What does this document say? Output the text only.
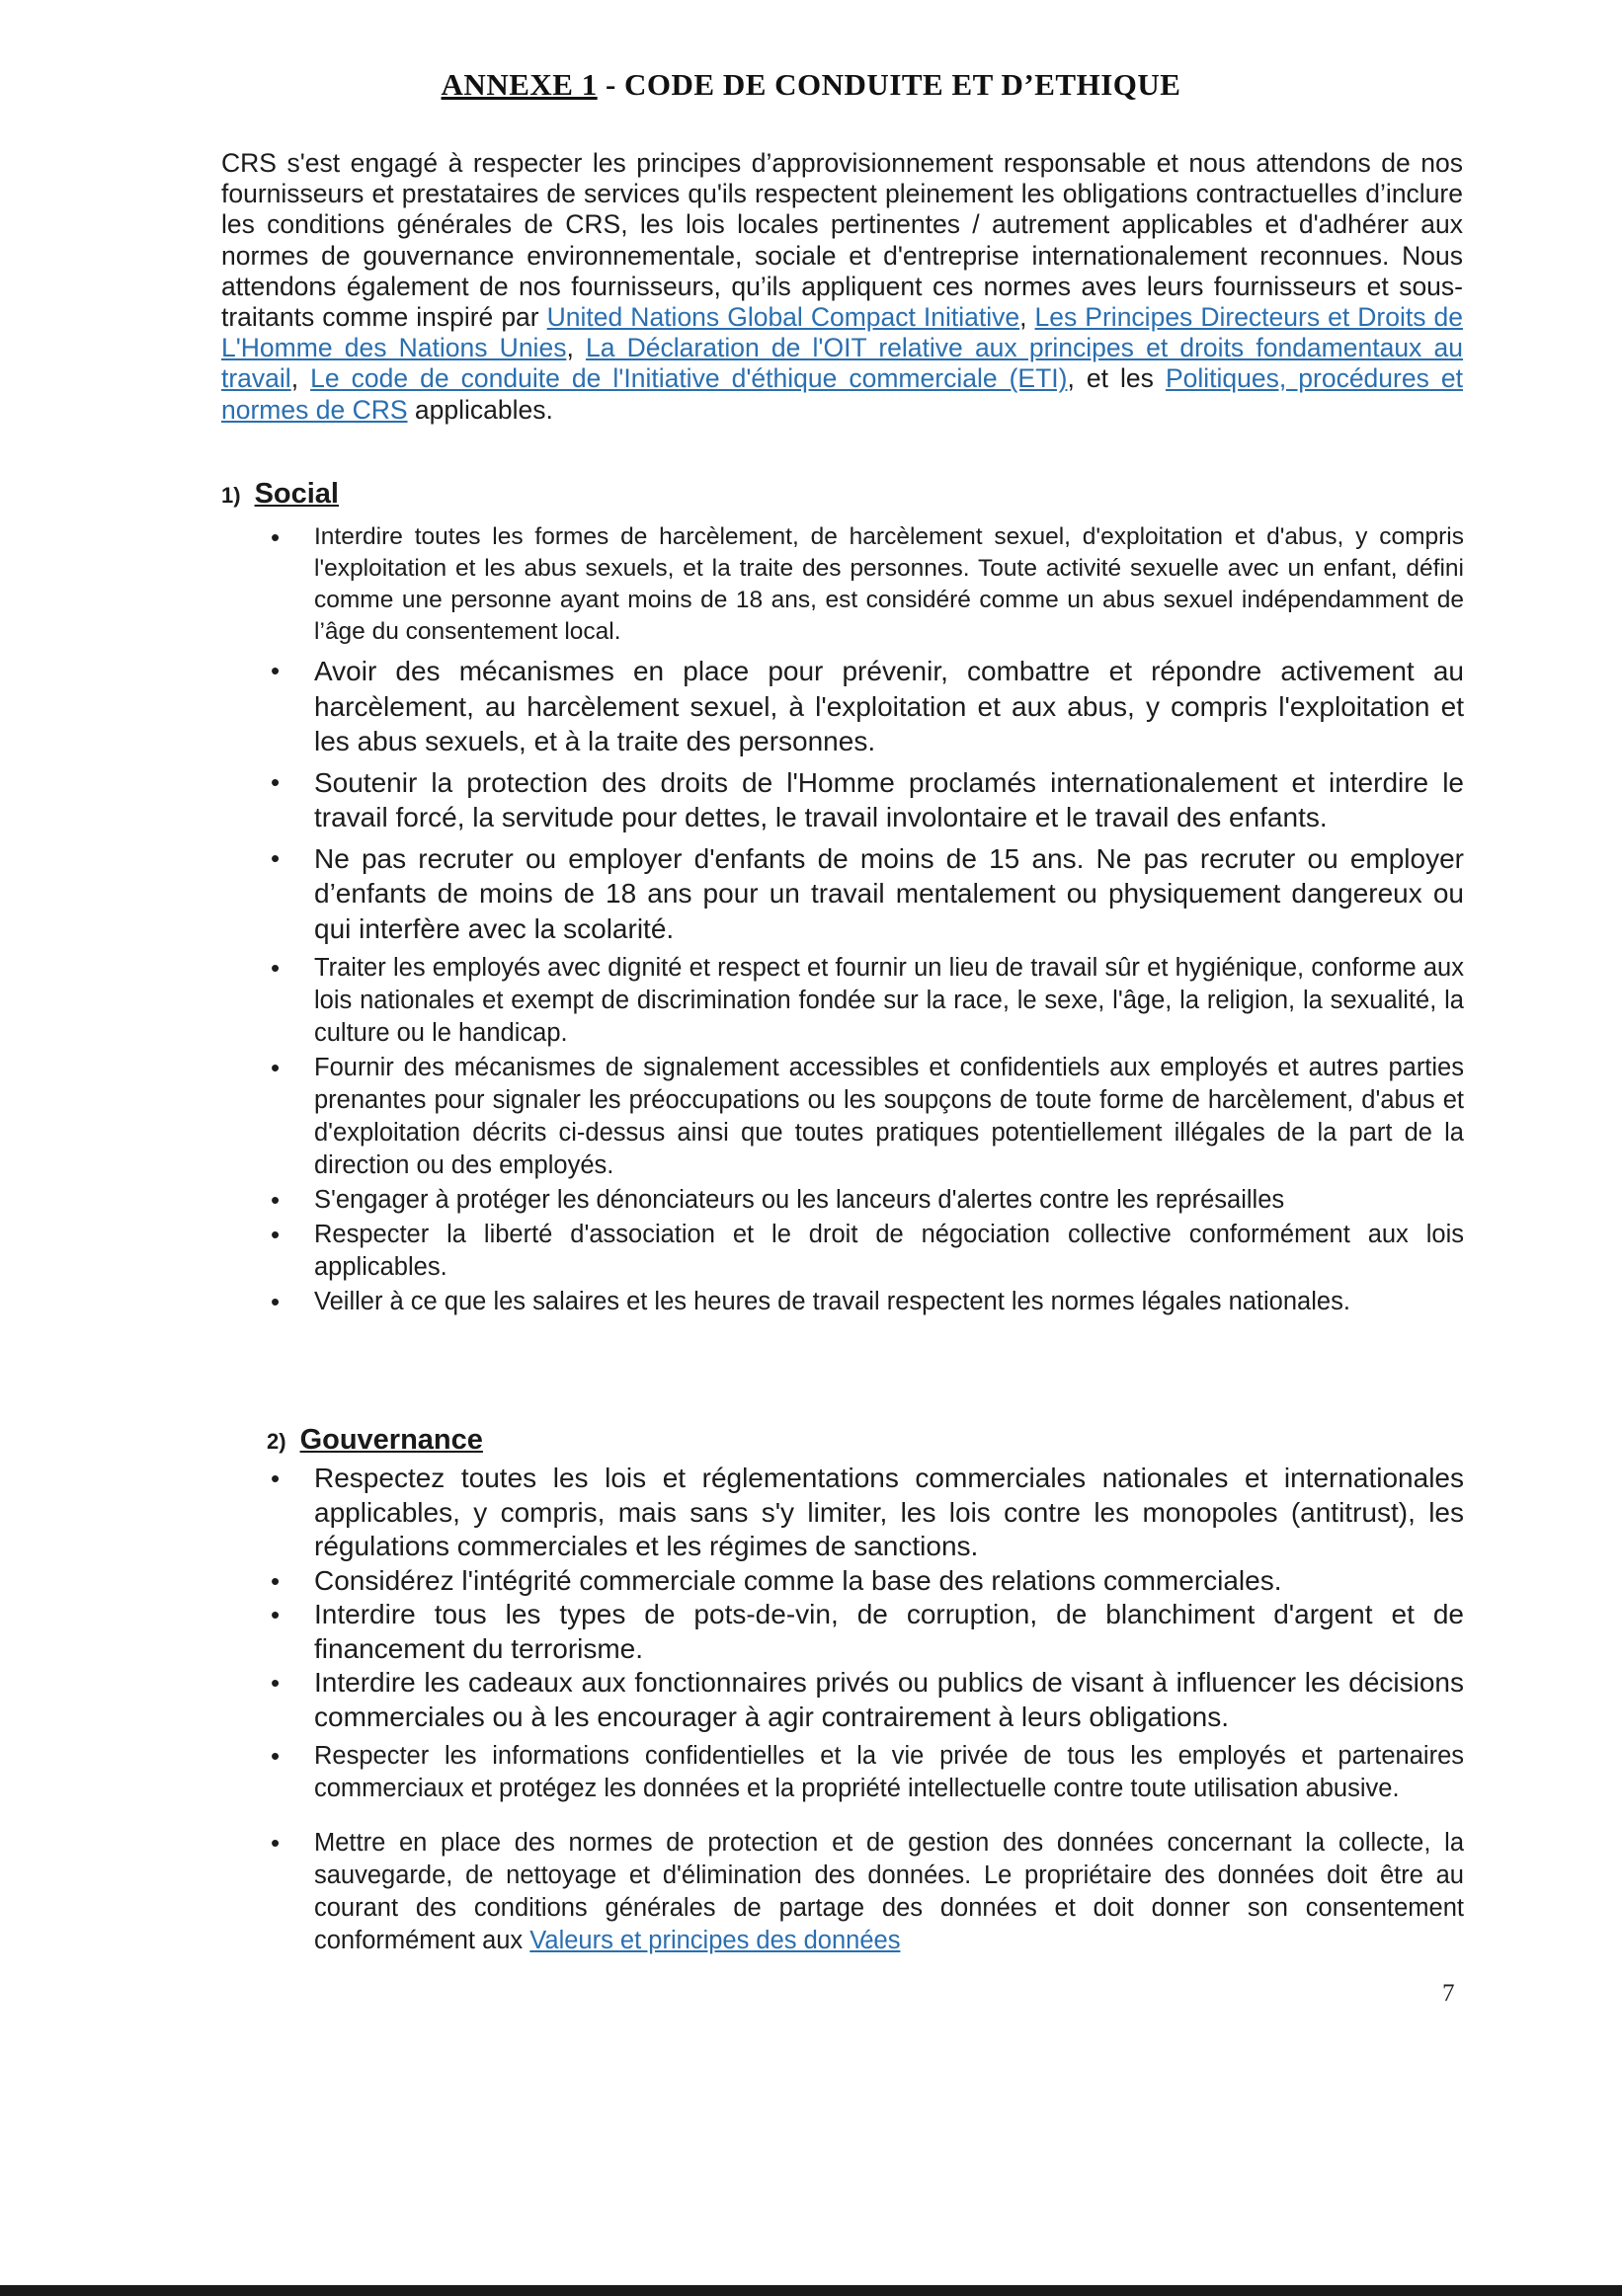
ANNEXE 1 - CODE DE CONDUITE ET D’ETHIQUE
CRS s'est engagé à respecter les principes d’approvisionnement responsable et nous attendons de nos fournisseurs et prestataires de services qu'ils respectent pleinement les obligations contractuelles d’inclure les conditions générales de CRS, les lois locales pertinentes / autrement applicables et d'adhérer aux normes de gouvernance environnementale, sociale et d'entreprise internationalement reconnues. Nous attendons également de nos fournisseurs, qu’ils appliquent ces normes aves leurs fournisseurs et sous-traitants comme inspiré par United Nations Global Compact Initiative, Les Principes Directeurs et Droits de L'Homme des Nations Unies, La Déclaration de l'OIT relative aux principes et droits fondamentaux au travail, Le code de conduite de l'Initiative d'éthique commerciale (ETI), et les Politiques, procédures et normes de CRS applicables.
1) Social
• Interdire toutes les formes de harcèlement, de harcèlement sexuel, d'exploitation et d'abus, y compris l'exploitation et les abus sexuels, et la traite des personnes. Toute activité sexuelle avec un enfant, défini comme une personne ayant moins de 18 ans, est considéré comme un abus sexuel indépendamment de l’âge du consentement local.
• Avoir des mécanismes en place pour prévenir, combattre et répondre activement au harcèlement, au harcèlement sexuel, à l'exploitation et aux abus, y compris l'exploitation et les abus sexuels, et à la traite des personnes.
• Soutenir la protection des droits de l'Homme proclamés internationalement et interdire le travail forcé, la servitude pour dettes, le travail involontaire et le travail des enfants.
• Ne pas recruter ou employer d'enfants de moins de 15 ans. Ne pas recruter ou employer d’enfants de moins de 18 ans pour un travail mentalement ou physiquement dangereux ou qui interfère avec la scolarité.
• Traiter les employés avec dignité et respect et fournir un lieu de travail sûr et hygiénique, conforme aux lois nationales et exempt de discrimination fondée sur la race, le sexe, l'âge, la religion, la sexualité, la culture ou le handicap.
• Fournir des mécanismes de signalement accessibles et confidentiels aux employés et autres parties prenantes pour signaler les préoccupations ou les soupçons de toute forme de harcèlement, d'abus et d'exploitation décrits ci-dessus ainsi que toutes pratiques potentiellement illégales de la part de la direction ou des employés.
• S'engager à protéger les dénonciateurs ou les lanceurs d'alertes contre les représailles
• Respecter la liberté d'association et le droit de négociation collective conformément aux lois applicables.
• Veiller à ce que les salaires et les heures de travail respectent les normes légales nationales.
2) Gouvernance
• Respectez toutes les lois et réglementations commerciales nationales et internationales applicables, y compris, mais sans s'y limiter, les lois contre les monopoles (antitrust), les régulations commerciales et les régimes de sanctions.
• Considérez l'intégrité commerciale comme la base des relations commerciales.
• Interdire tous les types de pots-de-vin, de corruption, de blanchiment d'argent et de financement du terrorisme.
• Interdire les cadeaux aux fonctionnaires privés ou publics de visant à influencer les décisions commerciales ou à les encourager à agir contrairement à leurs obligations.
• Respecter les informations confidentielles et la vie privée de tous les employés et partenaires commerciaux et protégez les données et la propriété intellectuelle contre toute utilisation abusive.
• Mettre en place des normes de protection et de gestion des données concernant la collecte, la sauvegarde, de nettoyage et d'élimination des données. Le propriétaire des données doit être au courant des conditions générales de partage des données et doit donner son consentement conformément aux Valeurs et principes des données
7
